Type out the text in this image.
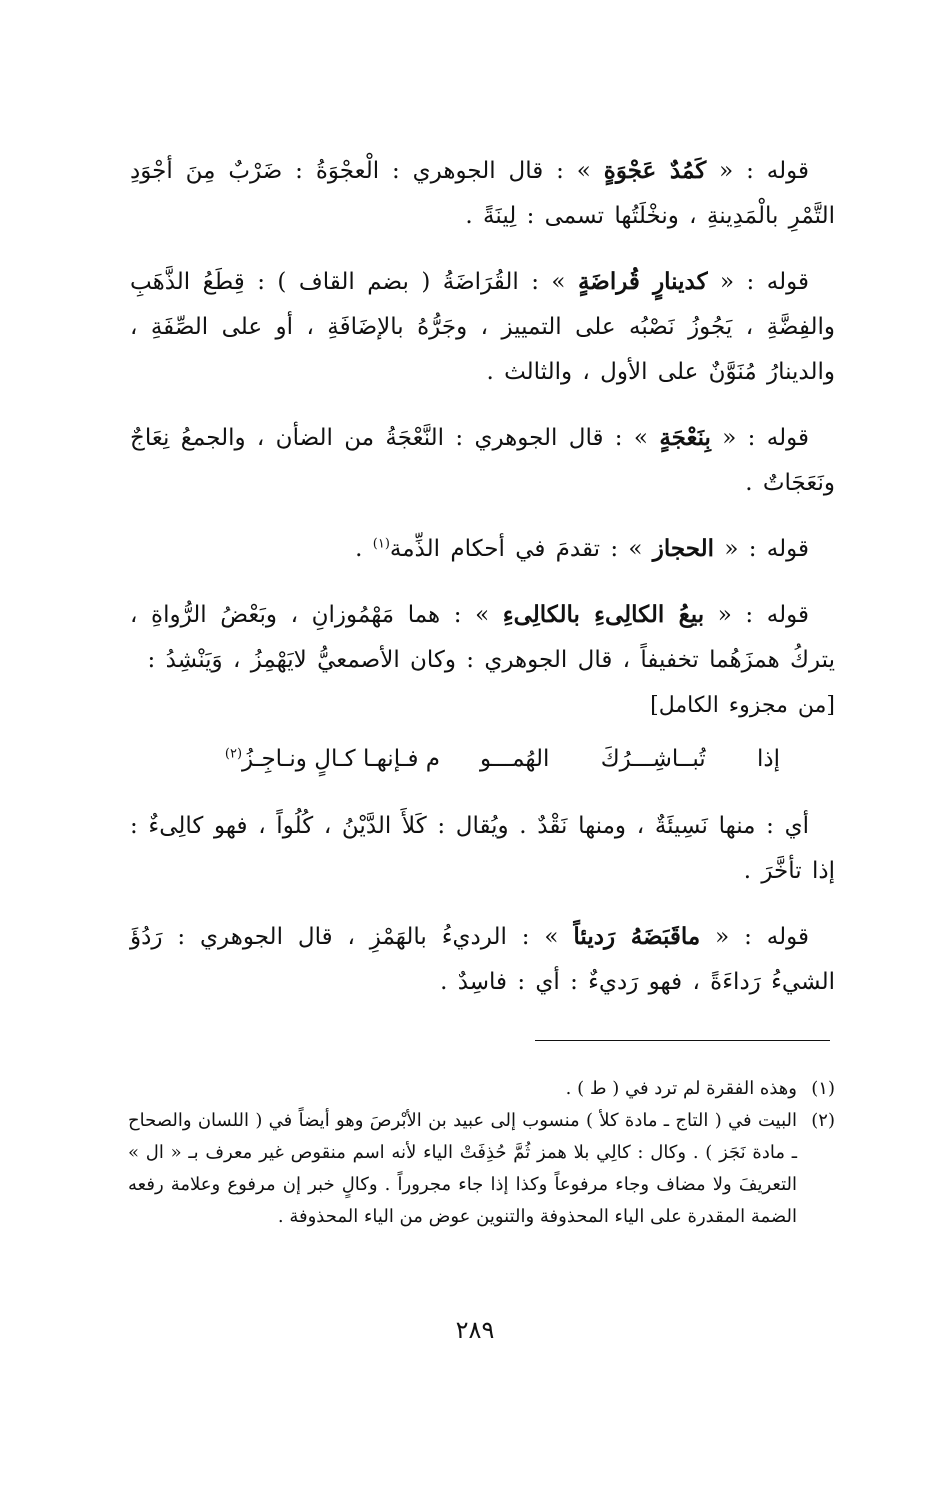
قوله : « كَمُدٌ عَجْوَةٍ » : قال الجوهري : الْعجْوَةُ : ضَرْبٌ مِنَ أجْوَدِ التَّمْرِ بالْمَدِينةِ ، ونخْلَتُها تسمى : لِينَةً .

قوله : « كدينارٍ قُراضَةٍ » : القُرَاضَةُ ( بضم القاف ) : قِطَعُ الذَّهَبِ والفِضَّةِ ، يَجُوزُ نَصْبُه على التمييز ، وجَرُّهُ بالإضَافَةِ ، أو على الصِّفَةِ ، والدينارُ مُنَوَّنٌ على الأول ، والثالث .

قوله : « بِنَعْجَةٍ » : قال الجوهري : النَّعْجَةُ من الضأن ، والجمعُ نِعَاجٌ ونَعَجَاتٌ .

قوله : « الحجاز » : تقدمَ في أحكام الذِّمة$^{(١)}$ .

قوله : « بيعُ الكالِىءِ بالكالِىءِ » : هما مَهْمُوزانِ ، وبَعْضُ الرُّواةِ ، يتركُ همزَهُما تخفيفاً ، قال الجوهري : وكان الأصمعيُّ لايَهْمِزُ ، وَيَنْشِدُ :

[من مجزوء الكامل]

إذا تُبــاشِـــرُكَ الهُمـــو
م فـإنهـا كـالٍ ونـاجِـزُ$^{(٢)}$

أي : منها نَسِيئَةٌ ، ومنها نَقْدٌ . ويُقال : كَلأَ الدَّيْنُ ، كُلُواً ، فهو كالِىءٌ : إذا تأخَّرَ .

قوله : « ماقَبَضَهُ رَديئاً » : الرديءُ بالهَمْزِ ، قال الجوهري : رَدُؤَ الشيءُ رَداءَةً ، فهو رَديءٌ : أي : فاسِدٌ .

(١)
وهذه الفقرة لم ترد في ( ط ) .
(٢)
البيت في ( التاج ـ مادة كلأ ) منسوب إلى عبيد بن الأبْرصَ وهو أيضاً في ( اللسان والصحاح ـ مادة نَجَز ) . وكال : كالِي بلا همز ثُمَّ حُذِفَتْ الياء لأنه اسم منقوص غير معرف بـ « ال » التعريفَ ولا مضاف وجاء مرفوعاً وكذا إذا جاء مجروراً . وكالٍ خبر إن مرفوع وعلامة رفعه الضمة المقدرة على الياء المحذوفة والتنوين عوض من الياء المحذوفة .
٢٨٩
